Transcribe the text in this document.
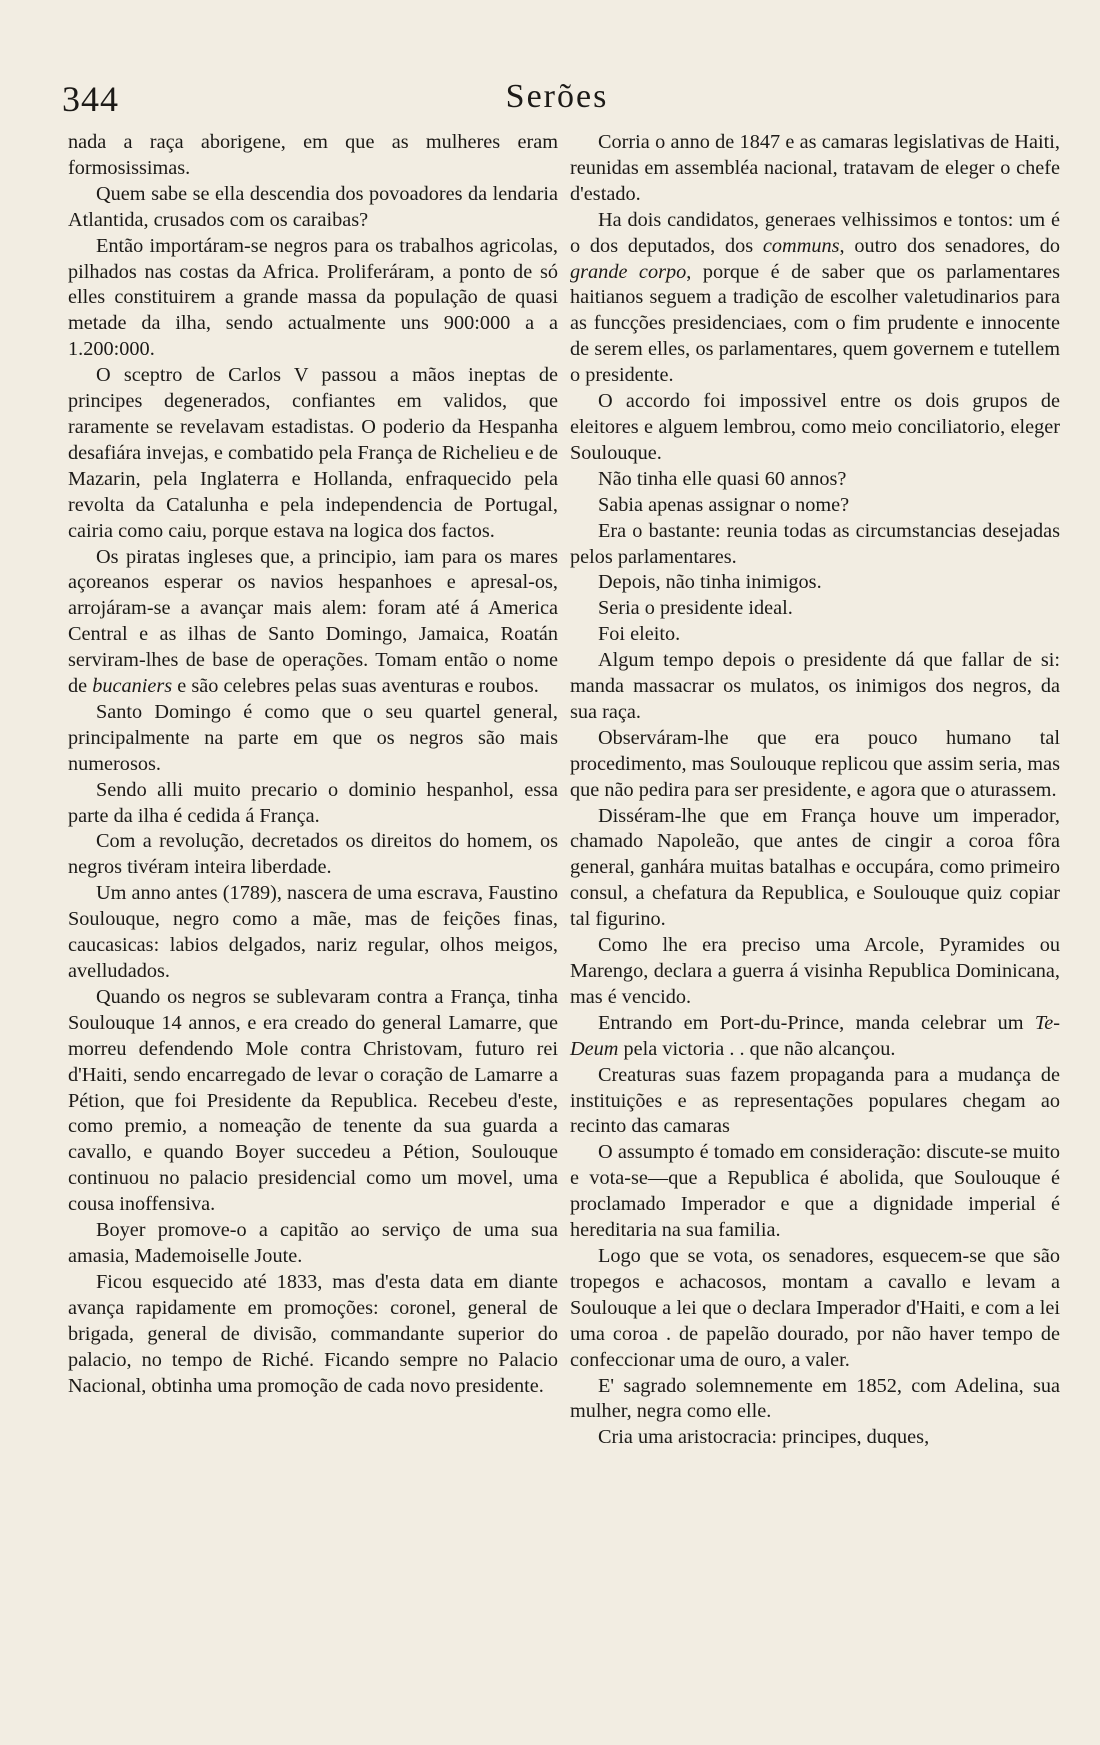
344	Serões

nada a raça aborigene, em que as mulheres eram formosissimas.

Quem sabe se ella descendia dos povoadores da lendaria Atlantida, crusados com os caraibas?

Então importáram-se negros para os trabalhos agricolas, pilhados nas costas da Africa. Proliferáram, a ponto de só elles constituirem a grande massa da população de quasi metade da ilha, sendo actualmente uns 900:000 a a 1.200:000.

O sceptro de Carlos V passou a mãos ineptas de principes degenerados, confiantes em validos, que raramente se revelavam estadistas. O poderio da Hespanha desafiára invejas, e combatido pela França de Richelieu e de Mazarin, pela Inglaterra e Hollanda, enfraquecido pela revolta da Catalunha e pela independencia de Portugal, cairia como caiu, porque estava na logica dos factos.

Os piratas ingleses que, a principio, iam para os mares açoreanos esperar os navios hespanhoes e apresal-os, arrojáram-se a avançar mais alem: foram até á America Central e as ilhas de Santo Domingo, Jamaica, Roatán serviram-lhes de base de operações. Tomam então o nome de bucaniers e são celebres pelas suas aventuras e roubos.

Santo Domingo é como que o seu quartel general, principalmente na parte em que os negros são mais numerosos.

Sendo alli muito precario o dominio hespanhol, essa parte da ilha é cedida á França.

Com a revolução, decretados os direitos do homem, os negros tivéram inteira liberdade.

Um anno antes (1789), nascera de uma escrava, Faustino Soulouque, negro como a mãe, mas de feições finas, caucasicas: labios delgados, nariz regular, olhos meigos, avelludados.

Quando os negros se sublevaram contra a França, tinha Soulouque 14 annos, e era creado do general Lamarre, que morreu defendendo Mole contra Christovam, futuro rei d'Haiti, sendo encarregado de levar o coração de Lamarre a Pétion, que foi Presidente da Republica. Recebeu d'este, como premio, a nomeação de tenente da sua guarda a cavallo, e quando Boyer succedeu a Pétion, Soulouque continuou no palacio presidencial como um movel, uma cousa inoffensiva.

Boyer promove-o a capitão ao serviço de uma sua amasia, Mademoiselle Joute.

Ficou esquecido até 1833, mas d'esta data em diante avança rapidamente em promoções: coronel, general de brigada, general de divisão, commandante superior do palacio, no tempo de Riché. Ficando sempre no Palacio Nacional, obtinha uma promoção de cada novo presidente.

Corria o anno de 1847 e as camaras legislativas de Haiti, reunidas em assembléa nacional, tratavam de eleger o chefe d'estado.

Ha dois candidatos, generaes velhissimos e tontos: um é o dos deputados, dos communs, outro dos senadores, do grande corpo, porque é de saber que os parlamentares haitianos seguem a tradição de escolher valetudinarios para as funcções presidenciaes, com o fim prudente e innocente de serem elles, os parlamentares, quem governem e tutellem o presidente.

O accordo foi impossivel entre os dois grupos de eleitores e alguem lembrou, como meio conciliatorio, eleger Soulouque.

Não tinha elle quasi 60 annos?

Sabia apenas assignar o nome?

Era o bastante: reunia todas as circumstancias desejadas pelos parlamentares.

Depois, não tinha inimigos.

Seria o presidente ideal.

Foi eleito.

Algum tempo depois o presidente dá que fallar de si: manda massacrar os mulatos, os inimigos dos negros, da sua raça.

Observáram-lhe que era pouco humano tal procedimento, mas Soulouque replicou que assim seria, mas que não pedira para ser presidente, e agora que o aturassem.

Disséram-lhe que em França houve um imperador, chamado Napoleão, que antes de cingir a coroa fôra general, ganhára muitas batalhas e occupára, como primeiro consul, a chefatura da Republica, e Soulouque quiz copiar tal figurino.

Como lhe era preciso uma Arcole, Pyramides ou Marengo, declara a guerra á visinha Republica Dominicana, mas é vencido.

Entrando em Port-du-Prince, manda celebrar um Te-Deum pela victoria . . que não alcançou.

Creaturas suas fazem propaganda para a mudança de instituições e as representações populares chegam ao recinto das camaras

O assumpto é tomado em consideração: discute-se muito e vota-se—que a Republica é abolida, que Soulouque é proclamado Imperador e que a dignidade imperial é hereditaria na sua familia.

Logo que se vota, os senadores, esquecem-se que são tropegos e achacosos, montam a cavallo e levam a Soulouque a lei que o declara Imperador d'Haiti, e com a lei uma coroa . de papelão dourado, por não haver tempo de confeccionar uma de ouro, a valer.

E' sagrado solemnemente em 1852, com Adelina, sua mulher, negra como elle.

Cria uma aristocracia: principes, duques,
